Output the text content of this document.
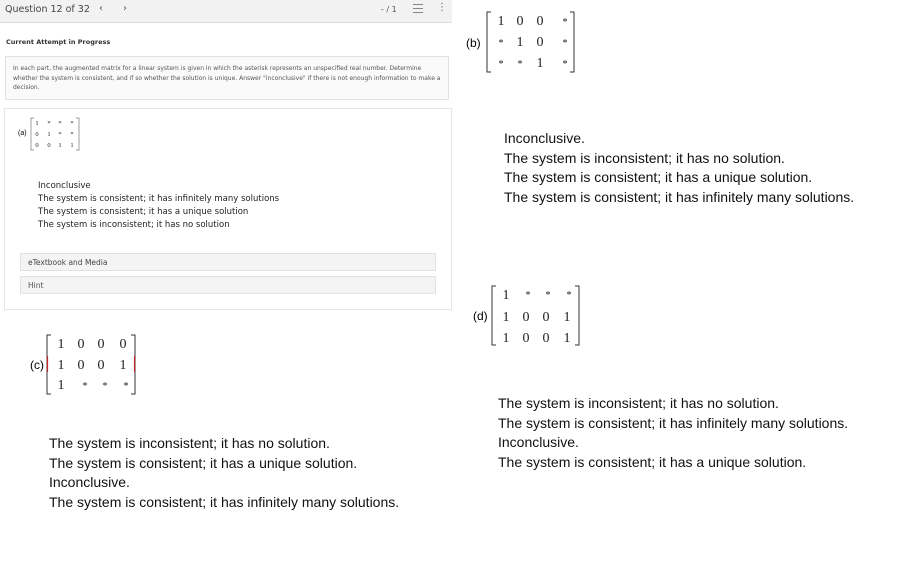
Question 12 of 32 ‹ ›	- / 1	⋮
Current Attempt in Progress
In each part, the augmented matrix for a linear system is given in which the asterisk represents an unspecified real number. Determine whether the system is consistent, and if so whether the solution is unique. Answer "inconclusive" if there is not enough information to make a decision.
(a)
1 * * *
0 1 * *
0 0 1 1
Inconclusive
The system is consistent; it has infinitely many solutions
The system is consistent; it has a unique solution
The system is inconsistent; it has no solution
eTextbook and Media
Hint
(b)
1 0 0 *
* 1 0 *
* * 1 *
Inconclusive.
The system is inconsistent; it has no solution.
The system is consistent; it has a unique solution.
The system is consistent; it has infinitely many solutions.
(c)
1 0 0 0
1 0 0 1
1 * * *
The system is inconsistent; it has no solution.
The system is consistent; it has a unique solution.
Inconclusive.
The system is consistent; it has infinitely many solutions.
(d)
1 * * *
1 0 0 1
1 0 0 1
The system is inconsistent; it has no solution.
The system is consistent; it has infinitely many solutions.
Inconclusive.
The system is consistent; it has a unique solution.
